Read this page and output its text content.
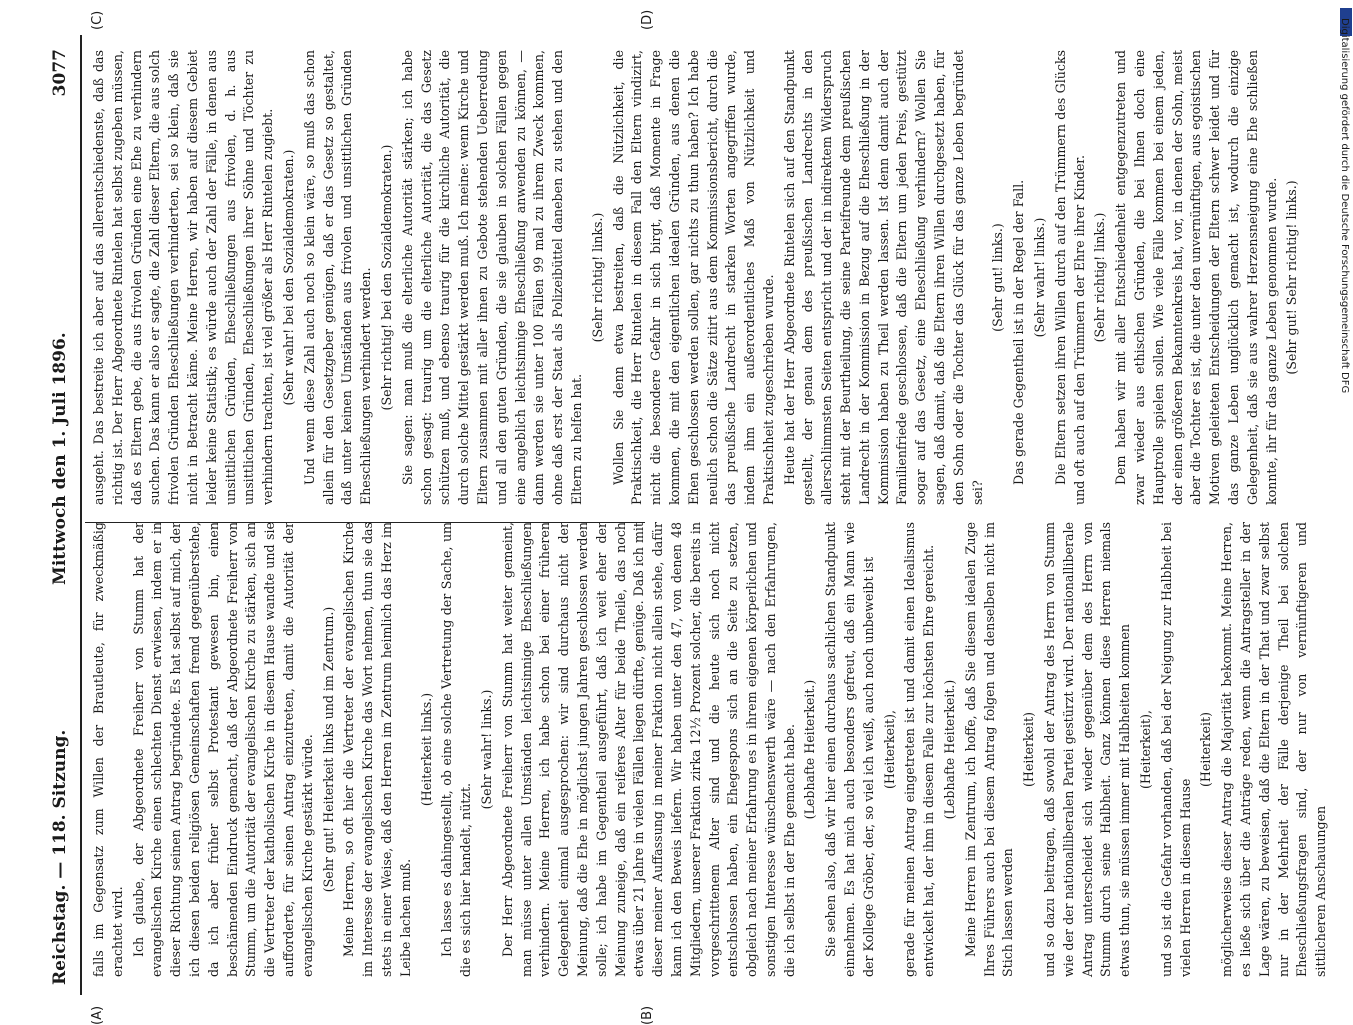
Reichstag. — 118. Sitzung.
Mittwoch den 1. Juli 1896.
3077
(A)	(B)
(C)	(D)

falls im Gegensatz zum Willen der Brautleute, für zweckmäßig erachtet wird. Ich glaube, der Abgeordnete Freiherr von Stumm hat der evangelischen Kirche einen schlechten Dienst erwiesen, indem er in dieser Richtung seinen Antrag begründete. Es hat selbst auf mich, der ich diesen beiden religiösen Gemeinschaften fremd gegenüberstehe, da ich aber früher selbst Protestant gewesen bin, einen beschämenden Eindruck gemacht, daß der Abgeordnete Freiherr von Stumm, um die Autorität der evangelischen Kirche zu stärken, sich an die Vertreter der katholischen Kirche in diesem Hause wandte und sie aufforderte, für seinen Antrag einzutreten, damit die Autorität der evangelischen Kirche gestärkt würde. (Sehr gut! Heiterkeit links und im Zentrum.) Meine Herren, so oft hier die Vertreter der evangelischen Kirche im Interesse der evangelischen Kirche das Wort nehmen, thun sie das stets in einer Weise, daß den Herren im Zentrum heimlich das Herz im Leibe lachen muß.

(Heiterkeit links.) Ich lasse es dahingestellt, ob eine solche Vertretung der Sache, um die es sich hier handelt, nützt.

(Sehr wahr! links.) Der Herr Abgeordnete Freiherr von Stumm hat weiter gemeint, man müsse unter allen Umständen leichtsinnige Eheschließungen verhindern. Meine Herren, ich habe schon bei einer früheren Gelegenheit einmal ausgesprochen: wir sind durchaus nicht der Meinung, daß die Ehe in möglichst jungen Jahren geschlossen werden solle; ich habe im Gegentheil ausgeführt, daß ich weit eher der Meinung zuneige, daß ein reiferes Alter für beide Theile, das noch etwas über 21 Jahre in vielen Fällen liegen dürfte, genüge. Daß ich mit dieser meiner Auffassung in meiner Fraktion nicht allein stehe, dafür kann ich den Beweis liefern. Wir haben unter den 47, von denen 48 Mitgliedern, unserer Fraktion zirka 12½ Prozent solcher, die bereits in vorgeschrittenem Alter sind und die heute sich noch nicht entschlossen haben, ein Ehegespons sich an die Seite zu setzen, obgleich nach meiner Erfahrung es in ihrem eigenen körperlichen und sonstigen Interesse wünschenswerth wäre — nach den Erfahrungen, die ich selbst in der Ehe gemacht habe. (Lebhafte Heiterkeit.) Sie sehen also, daß wir hier einen durchaus sachlichen Standpunkt einnehmen. Es hat mich auch besonders gefreut, daß ein Mann wie der Kollege Gröber, der, so viel ich weiß, auch noch unbeweibt ist (Heiterkeit), gerade für meinen Antrag eingetreten ist und damit einen Idealismus entwickelt hat, der ihm in diesem Falle zur höchsten Ehre gereicht. (Lebhafte Heiterkeit.) Meine Herren im Zentrum, ich hoffe, daß Sie diesem idealen Zuge Ihres Führers auch bei diesem Antrag folgen und denselben nicht im Stich lassen werden

(Heiterkeit) und so dazu beitragen, daß sowohl der Antrag des Herrn von Stumm wie der der nationalliberalen Partei gestürzt wird. Der nationalliberale Antrag unterscheidet sich wieder gegenüber dem des Herrn von Stumm durch seine Halbheit. Ganz können diese Herren niemals etwas thun, sie müssen immer mit Halbheiten kommen (Heiterkeit), und so ist die Gefahr vorhanden, daß bei der Neigung zur Halbheit bei vielen Herren in diesem Hause

(Heiterkeit) möglicherweise dieser Antrag die Majorität bekommt. Meine Herren, es ließe sich über die Anträge reden, wenn die Antragsteller in der Lage wären, zu beweisen, daß die Eltern in der That und zwar selbst nur in der Mehrheit der Fälle derjenige Theil bei solchen Eheschließungsfragen sind, der nur von vernünftigeren und sittlicheren Anschauungen

ausgeht. Das bestreite ich aber auf das allerentschiedenste, daß das richtig ist. Der Herr Abgeordnete Rintelen hat selbst zugeben müssen, daß es Eltern gebe, die aus frivolen Gründen eine Ehe zu verhindern suchen. Das kann er also er sagte, die Zahl dieser Eltern, die aus solch frivolen Gründen Eheschließungen verhinderten, sei so klein, daß sie nicht in Betracht käme. Meine Herren, wir haben auf diesem Gebiet leider keine Statistik; es würde auch der Zahl der Fälle, in denen aus unsittlichen Gründen, Eheschließungen aus frivolen, d. h. aus unsittlichen Gründen, Eheschließungen ihrer Söhne und Töchter zu verhindern trachten, ist viel größer als Herr Rintelen zugiebt. (Sehr wahr! bei den Sozialdemokraten.) Und wenn diese Zahl auch noch so klein wäre, so muß das schon allein für den Gesetzgeber genügen, daß er das Gesetz so gestaltet, daß unter keinen Umständen aus frivolen und unsittlichen Gründen Eheschließungen verhindert werden. (Sehr richtig! bei den Sozialdemokraten.) Sie sagen: man muß die elterliche Autorität stärken; ich habe schon gesagt: traurig um die elterliche Autorität, die das Gesetz schützen muß, und ebenso traurig für die kirchliche Autorität, die durch solche Mittel gestärkt werden muß. Ich meine: wenn Kirche und Eltern zusammen mit aller ihnen zu Gebote stehenden Ueberredung und all den guten Gründen, die sie glauben in solchen Fällen gegen eine angeblich leichtsinnige Eheschließung anwenden zu können, — dann werden sie unter 100 Fällen 99 mal zu ihrem Zweck kommen, ohne daß erst der Staat als Polizeibüttel daneben zu stehen und den Eltern zu helfen hat.

(Sehr richtig! links.) Wollen Sie denn etwa bestreiten, daß die Nützlichkeit, die Praktischkeit, die Herr Rintelen in diesem Fall den Eltern vindizirt, nicht die besondere Gefahr in sich birgt, daß Momente in Frage kommen, die mit den eigentlichen idealen Gründen, aus denen die Ehen geschlossen werden sollen, gar nichts zu thun haben? Ich habe neulich schon die Sätze zitirt aus dem Kommissionsbericht, durch die das preußische Landrecht in starken Worten angegriffen wurde, indem ihm ein außerordentliches Maß von Nützlichkeit und Praktischheit zugeschrieben wurde. Heute hat der Herr Abgeordnete Rintelen sich auf den Standpunkt gestellt, der genau dem des preußischen Landrechts in den allerschlimmsten Seiten entspricht und der in indirektem Widerspruch steht mit der Beurtheilung, die seine Parteifreunde dem preußischen Landrecht in der Kommission in Bezug auf die Eheschließung in der Kommission haben zu Theil werden lassen. Ist denn damit auch der Familienfriede geschlossen, daß die Eltern um jeden Preis, gestützt sogar auf das Gesetz, eine Eheschließung verhindern? Wollen Sie sagen, daß damit, daß die Eltern ihren Willen durchgesetzt haben, für den Sohn oder die Tochter das Glück für das ganze Leben begründet sei?

(Sehr gut! links.) Das gerade Gegentheil ist in der Regel der Fall. (Sehr wahr! links.) Die Eltern setzen ihren Willen durch auf den Trümmern des Glücks und oft auch auf den Trümmern der Ehre ihrer Kinder. (Sehr richtig! links.) Dem haben wir mit aller Entschiedenheit entgegenzutreten und zwar wieder aus ethischen Gründen, die bei Ihnen doch eine Hauptrolle spielen sollen. Wie viele Fälle kommen bei einem jeden, der einen größeren Bekanntenkreis hat, vor, in denen der Sohn, meist aber die Tochter es ist, die unter den unvernünftigen, aus egoistischen Motiven geleiteten Entscheidungen der Eltern schwer leidet und für das ganze Leben unglücklich gemacht ist, wodurch die einzige Gelegenheit, daß sie aus wahrer Herzensneigung eine Ehe schließen konnte, ihr für das ganze Leben genommen wurde. (Sehr gut! Sehr richtig! links.)	Digitalisierung gefördert durch die Deutsche Forschungsgemeinschaft DFG
